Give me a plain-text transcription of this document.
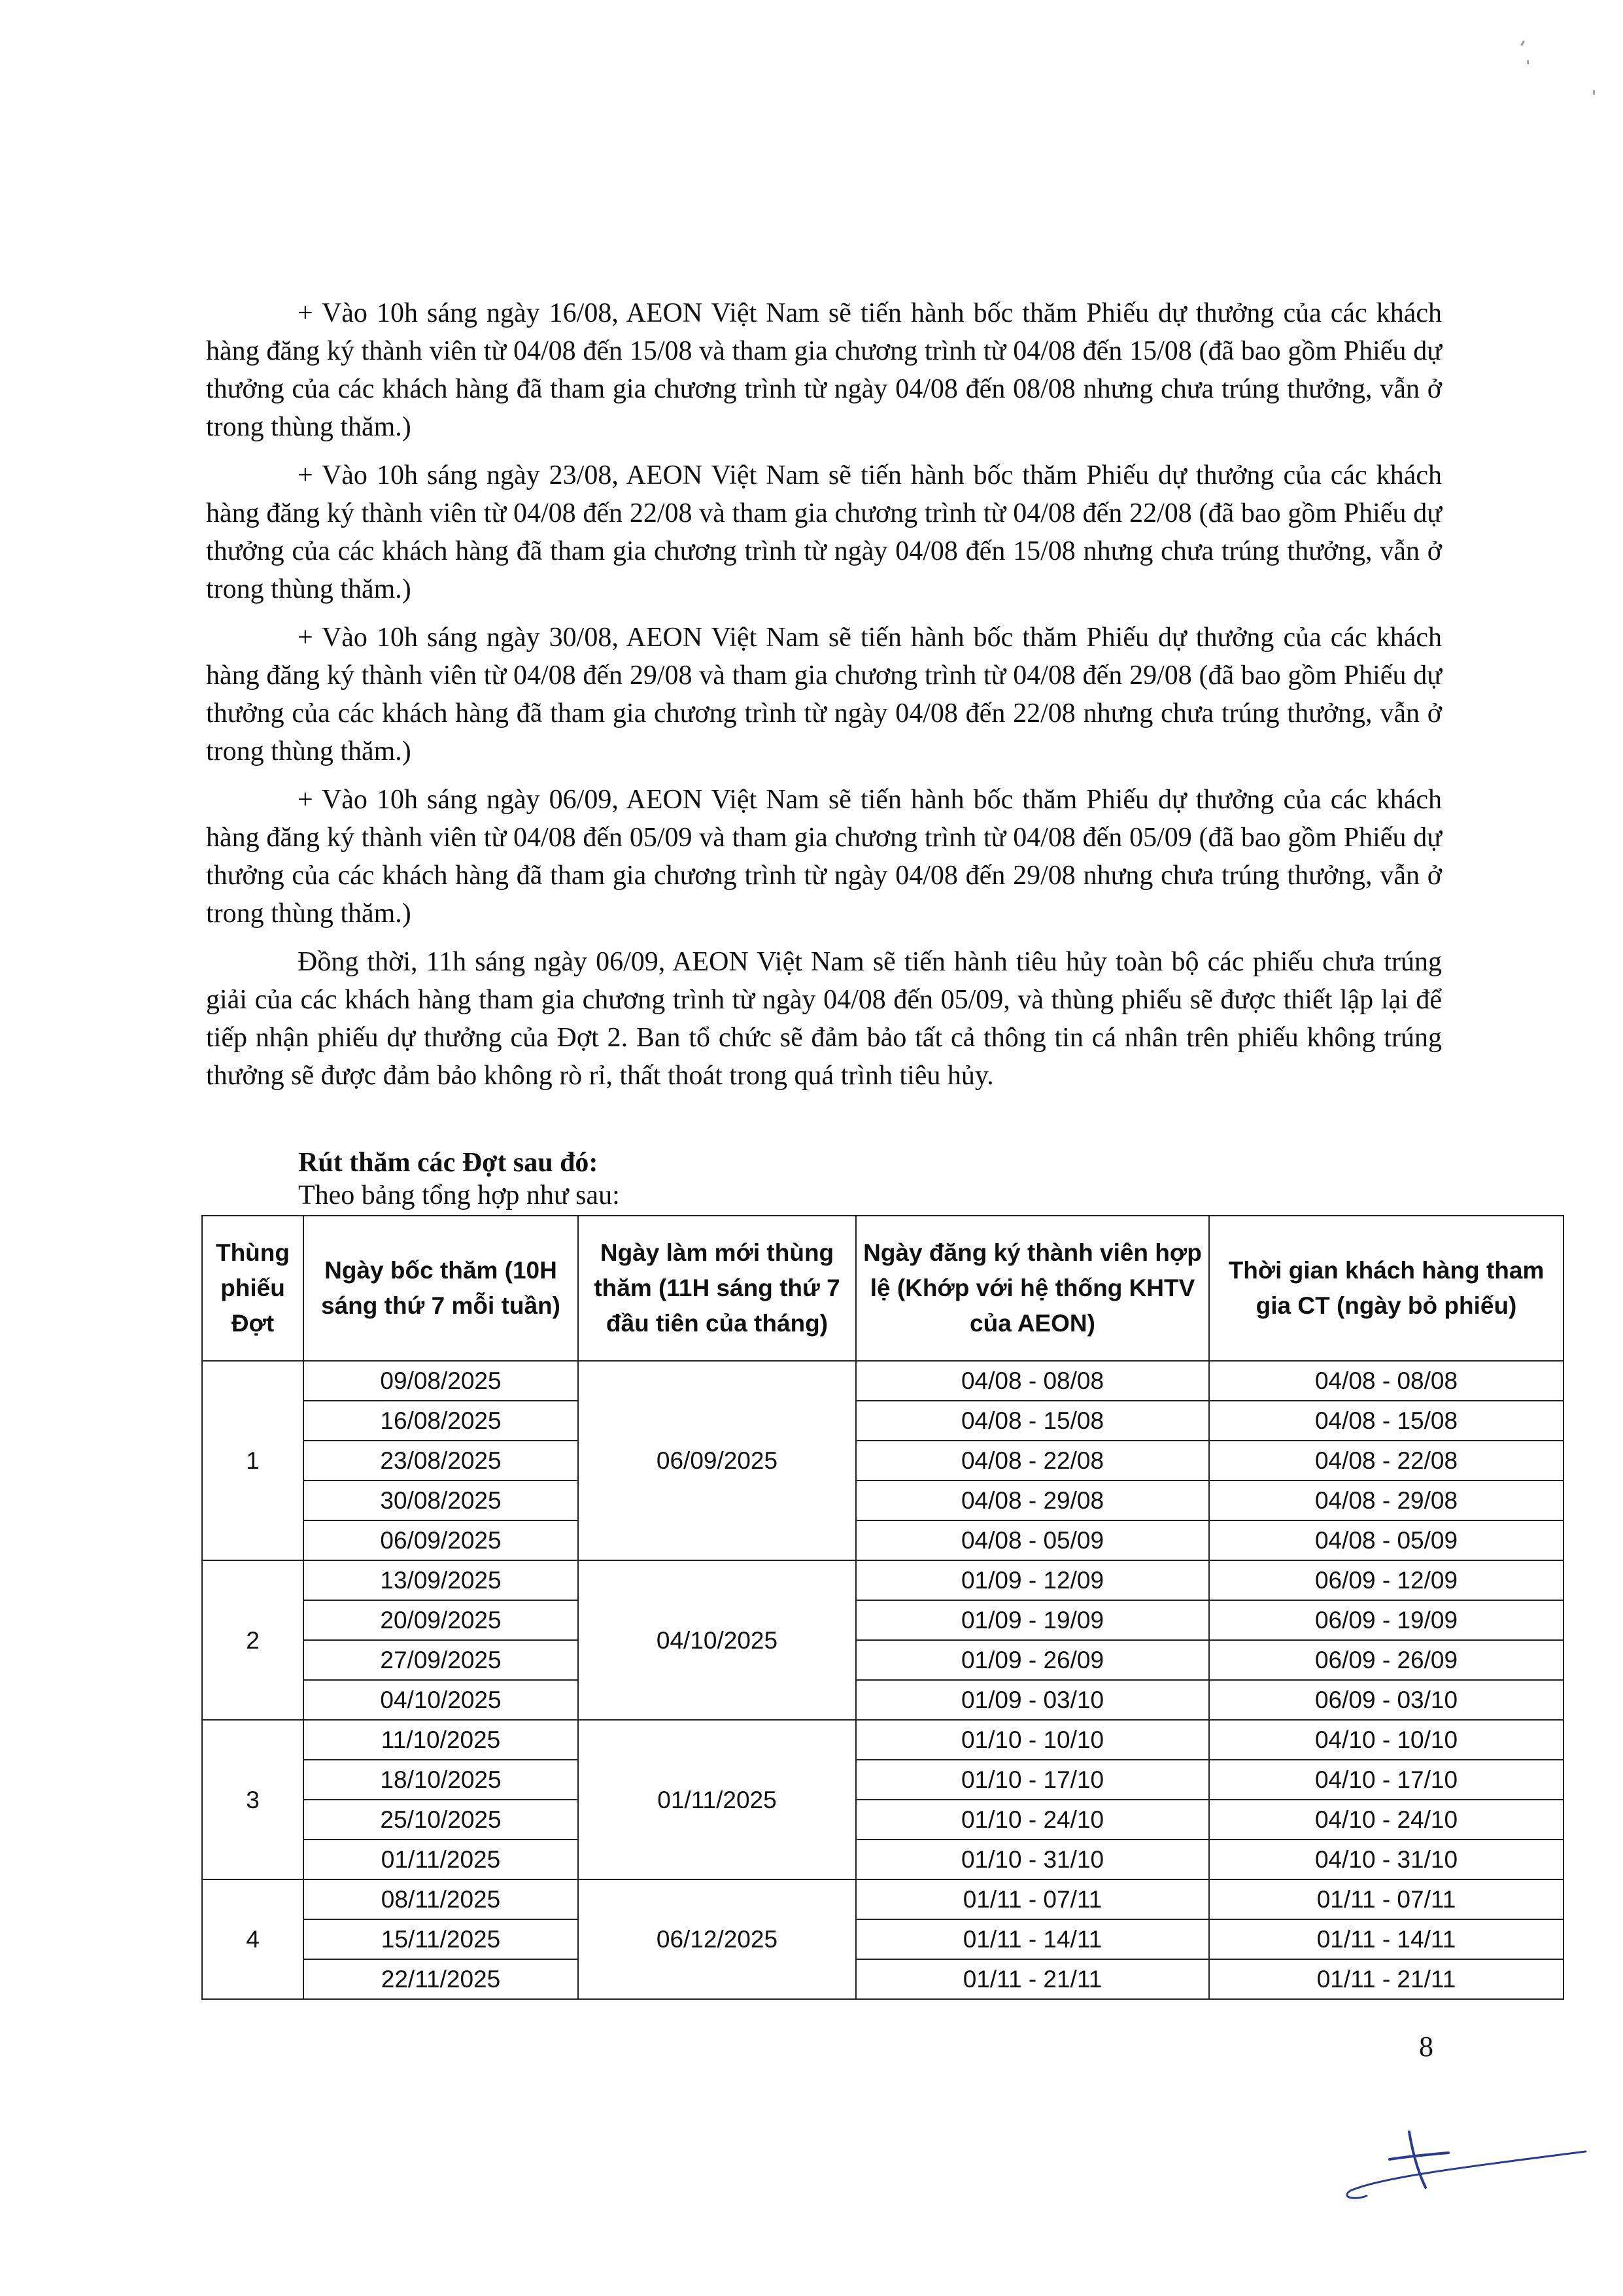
+ Vào 10h sáng ngày 16/08, AEON Việt Nam sẽ tiến hành bốc thăm Phiếu dự thưởng của các khách hàng đăng ký thành viên từ 04/08 đến 15/08 và tham gia chương trình từ 04/08 đến 15/08 (đã bao gồm Phiếu dự thưởng của các khách hàng đã tham gia chương trình từ ngày 04/08 đến 08/08 nhưng chưa trúng thưởng, vẫn ở trong thùng thăm.)

+ Vào 10h sáng ngày 23/08, AEON Việt Nam sẽ tiến hành bốc thăm Phiếu dự thưởng của các khách hàng đăng ký thành viên từ 04/08 đến 22/08 và tham gia chương trình từ 04/08 đến 22/08 (đã bao gồm Phiếu dự thưởng của các khách hàng đã tham gia chương trình từ ngày 04/08 đến 15/08 nhưng chưa trúng thưởng, vẫn ở trong thùng thăm.)

+ Vào 10h sáng ngày 30/08, AEON Việt Nam sẽ tiến hành bốc thăm Phiếu dự thưởng của các khách hàng đăng ký thành viên từ 04/08 đến 29/08 và tham gia chương trình từ 04/08 đến 29/08 (đã bao gồm Phiếu dự thưởng của các khách hàng đã tham gia chương trình từ ngày 04/08 đến 22/08 nhưng chưa trúng thưởng, vẫn ở trong thùng thăm.)

+ Vào 10h sáng ngày 06/09, AEON Việt Nam sẽ tiến hành bốc thăm Phiếu dự thưởng của các khách hàng đăng ký thành viên từ 04/08 đến 05/09 và tham gia chương trình từ 04/08 đến 05/09 (đã bao gồm Phiếu dự thưởng của các khách hàng đã tham gia chương trình từ ngày 04/08 đến 29/08 nhưng chưa trúng thưởng, vẫn ở trong thùng thăm.)

Đồng thời, 11h sáng ngày 06/09, AEON Việt Nam sẽ tiến hành tiêu hủy toàn bộ các phiếu chưa trúng giải của các khách hàng tham gia chương trình từ ngày 04/08 đến 05/09, và thùng phiếu sẽ được thiết lập lại để tiếp nhận phiếu dự thưởng của Đợt 2. Ban tổ chức sẽ đảm bảo tất cả thông tin cá nhân trên phiếu không trúng thưởng sẽ được đảm bảo không rò rỉ, thất thoát trong quá trình tiêu hủy.

Rút thăm các Đợt sau đó:

Theo bảng tổng hợp như sau:

Thùng phiếu Đợt	Ngày bốc thăm (10H sáng thứ 7 mỗi tuần)	Ngày làm mới thùng thăm (11H sáng thứ 7 đầu tiên của tháng)	Ngày đăng ký thành viên hợp lệ (Khớp với hệ thống KHTV của AEON)	Thời gian khách hàng tham gia CT (ngày bỏ phiếu)
1	09/08/2025	06/09/2025	04/08 - 08/08	04/08 - 08/08
	16/08/2025		04/08 - 15/08	04/08 - 15/08
	23/08/2025		04/08 - 22/08	04/08 - 22/08
	30/08/2025		04/08 - 29/08	04/08 - 29/08
	06/09/2025		04/08 - 05/09	04/08 - 05/09
2	13/09/2025	04/10/2025	01/09 - 12/09	06/09 - 12/09
	20/09/2025		01/09 - 19/09	06/09 - 19/09
	27/09/2025		01/09 - 26/09	06/09 - 26/09
	04/10/2025		01/09 - 03/10	06/09 - 03/10
3	11/10/2025	01/11/2025	01/10 - 10/10	04/10 - 10/10
	18/10/2025		01/10 - 17/10	04/10 - 17/10
	25/10/2025		01/10 - 24/10	04/10 - 24/10
	01/11/2025		01/10 - 31/10	04/10 - 31/10
4	08/11/2025	06/12/2025	01/11 - 07/11	01/11 - 07/11
	15/11/2025		01/11 - 14/11	01/11 - 14/11
	22/11/2025		01/11 - 21/11	01/11 - 21/11

8
